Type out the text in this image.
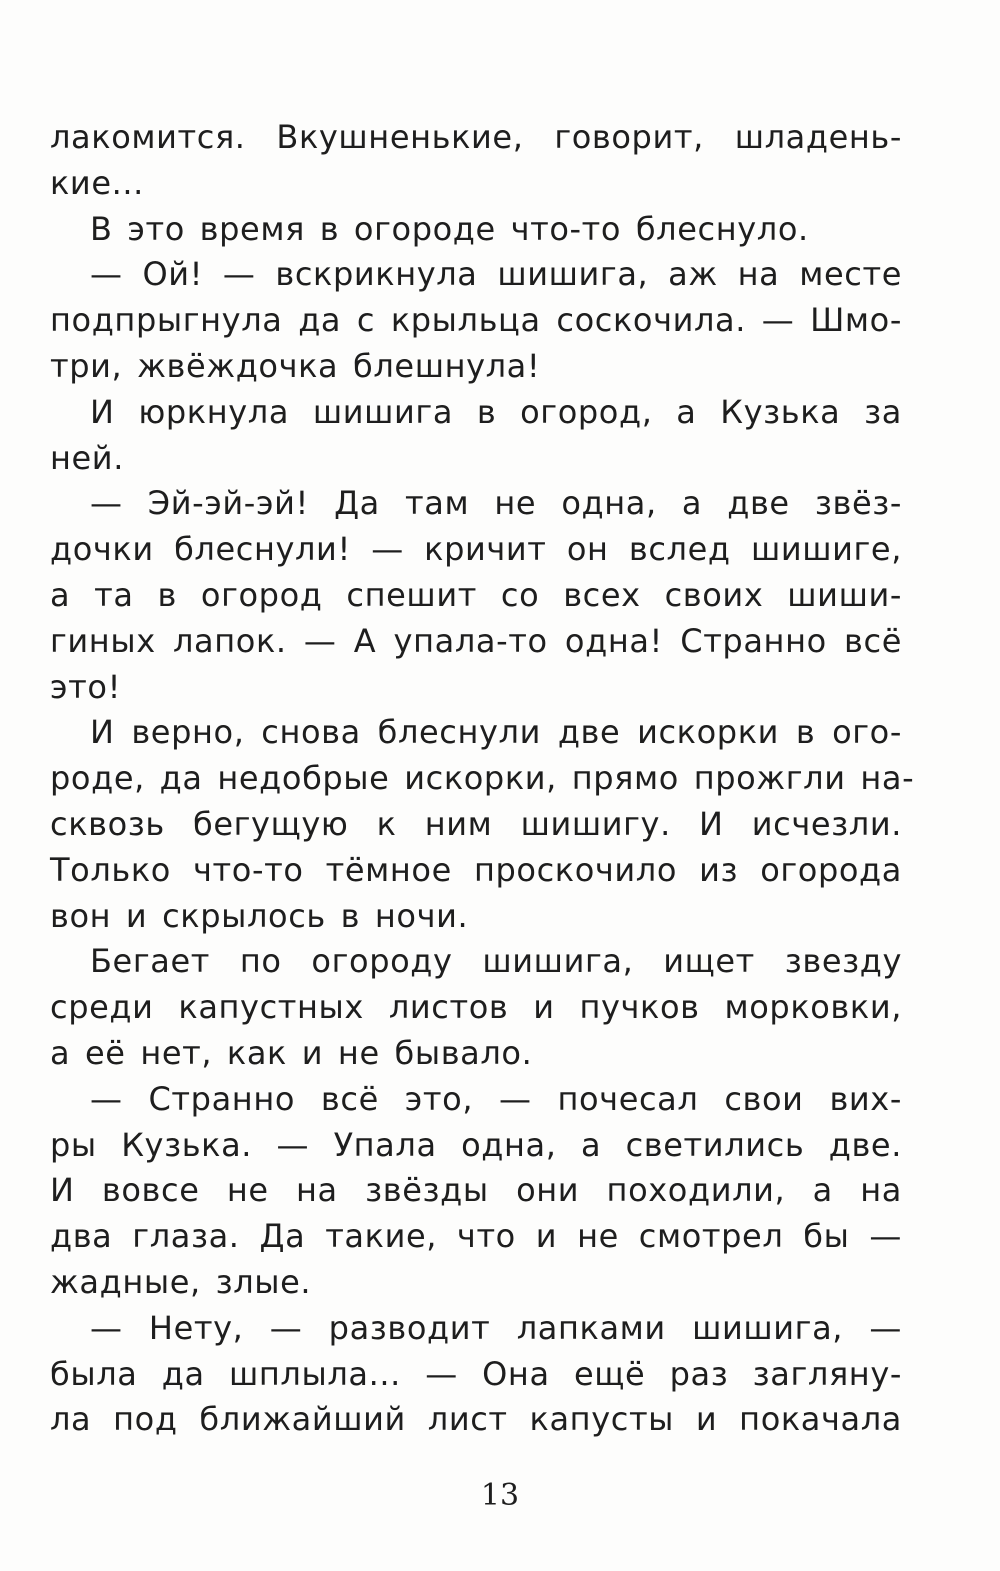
лакомится. Вкушненькие, говорит, шладень-
кие...
В это время в огороде что-то блеснуло.
— Ой! — вскрикнула шишига, аж на месте
подпрыгнула да с крыльца соскочила. — Шмо-
три, жвёждочка блешнула!
И юркнула шишига в огород, а Кузька за
ней.
— Эй-эй-эй! Да там не одна, а две звёз-
дочки блеснули! — кричит он вслед шишиге,
а та в огород спешит со всех своих шиши-
гиных лапок. — А упала-то одна! Странно всё
это!
И верно, снова блеснули две искорки в ого-
роде, да недобрые искорки, прямо прожгли на-
сквозь бегущую к ним шишигу. И исчезли.
Только что-то тёмное проскочило из огорода
вон и скрылось в ночи.
Бегает по огороду шишига, ищет звезду
среди капустных листов и пучков морковки,
а её нет, как и не бывало.
— Странно всё это, — почесал свои вих-
ры Кузька. — Упала одна, а светились две.
И вовсе не на звёзды они походили, а на
два глаза. Да такие, что и не смотрел бы —
жадные, злые.
— Нету, — разводит лапками шишига, —
была да шплыла... — Она ещё раз загляну-
ла под ближайший лист капусты и покачала
13
